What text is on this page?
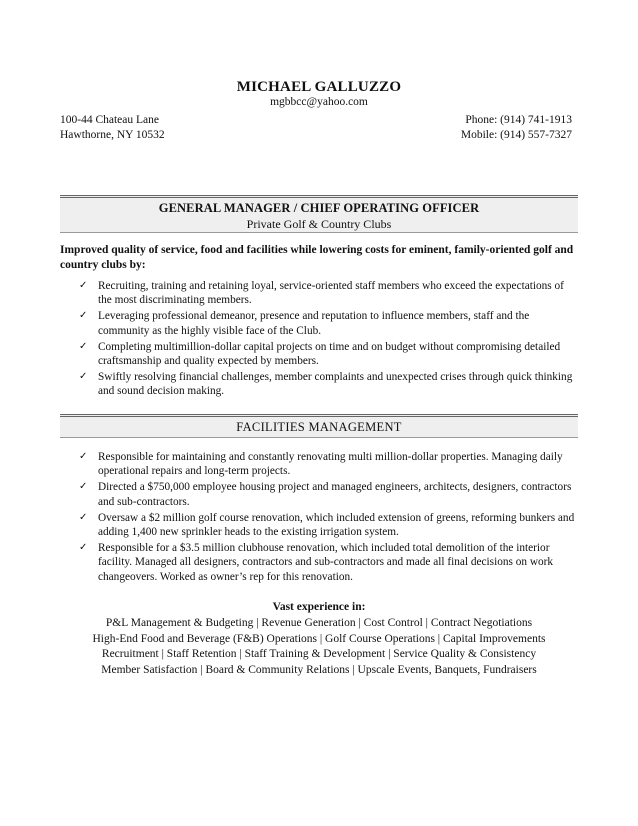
MICHAEL GALLUZZO
mgbbcc@yahoo.com
100-44 Chateau Lane
Hawthorne, NY 10532
Phone: (914) 741-1913
Mobile: (914) 557-7327
GENERAL MANAGER / CHIEF OPERATING OFFICER
Private Golf & Country Clubs
Improved quality of service, food and facilities while lowering costs for eminent, family-oriented golf and country clubs by:
✓ Recruiting, training and retaining loyal, service-oriented staff members who exceed the expectations of the most discriminating members.
✓ Leveraging professional demeanor, presence and reputation to influence members, staff and the community as the highly visible face of the Club.
✓ Completing multimillion-dollar capital projects on time and on budget without compromising detailed craftsmanship and quality expected by members.
✓ Swiftly resolving financial challenges, member complaints and unexpected crises through quick thinking and sound decision making.
FACILITIES MANAGEMENT
✓ Responsible for maintaining and constantly renovating multi million-dollar properties. Managing daily operational repairs and long-term projects.
✓ Directed a $750,000 employee housing project and managed engineers, architects, designers, contractors and sub-contractors.
✓ Oversaw a $2 million golf course renovation, which included extension of greens, reforming bunkers and adding 1,400 new sprinkler heads to the existing irrigation system.
✓ Responsible for a $3.5 million clubhouse renovation, which included total demolition of the interior facility. Managed all designers, contractors and sub-contractors and made all final decisions on work changeovers. Worked as owner’s rep for this renovation.
Vast experience in:
P&L Management & Budgeting | Revenue Generation | Cost Control | Contract Negotiations
High-End Food and Beverage (F&B) Operations | Golf Course Operations | Capital Improvements
Recruitment | Staff Retention | Staff Training & Development | Service Quality & Consistency
Member Satisfaction | Board & Community Relations | Upscale Events, Banquets, Fundraisers
